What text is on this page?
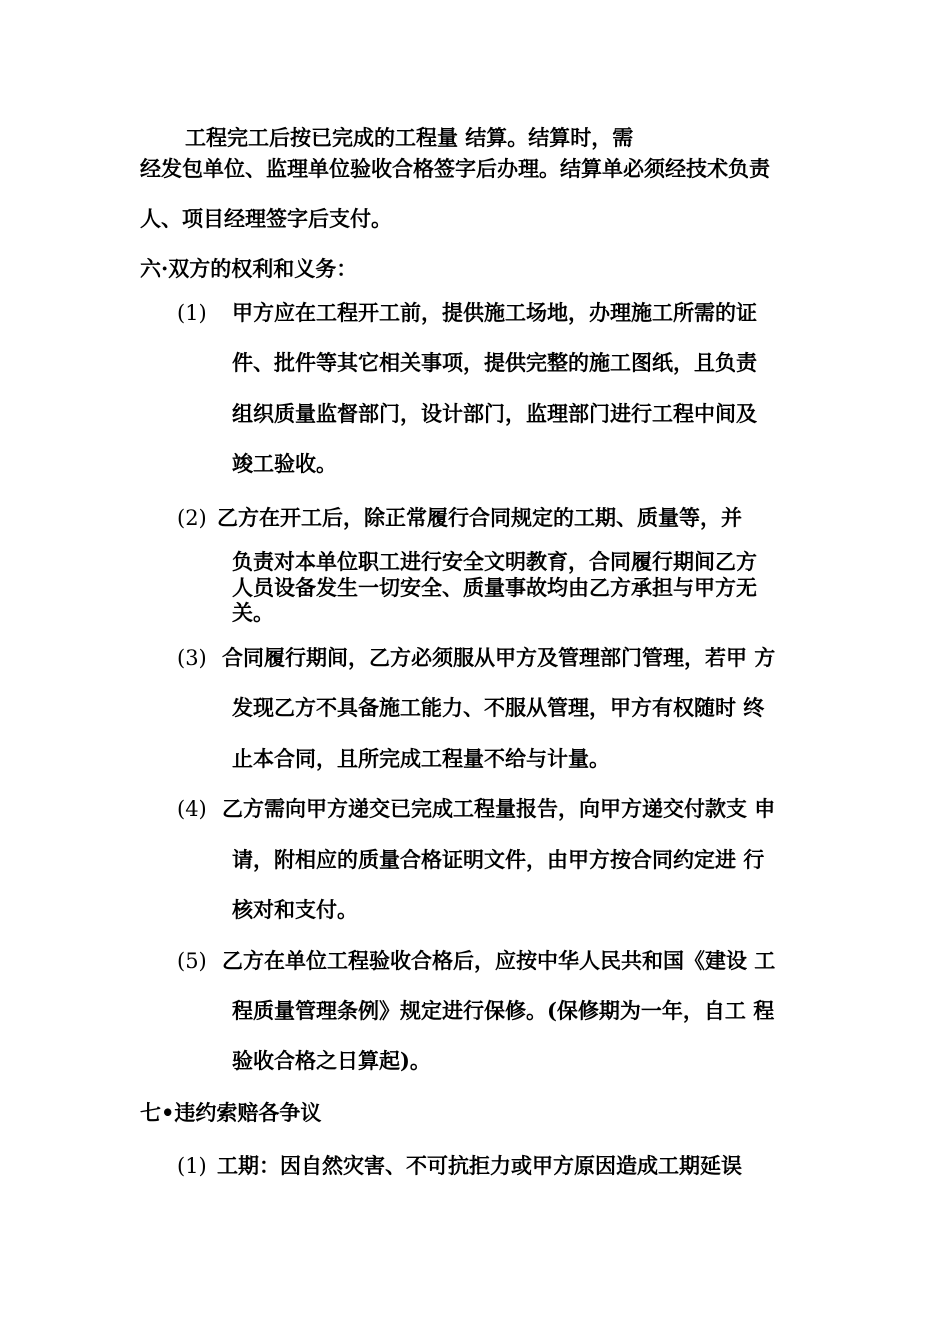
工程完工后按已完成的工程量 结算。结算时，需
经发包单位、监理单位验收合格签字后办理。结算单必须经技术负责
人、项目经理签字后支付。
六·双方的权利和义务：
(1) 甲方应在工程开工前，提供施工场地，办理施工所需的证
件、批件等其它相关事项，提供完整的施工图纸，且负责
组织质量监督部门，设计部门，监理部门进行工程中间及
竣工验收。
(2) 乙方在开工后，除正常履行合同规定的工期、质量等，并
负责对本单位职工进行安全文明教育，合同履行期间乙方
人员设备发生一切安全、质量事故均由乙方承担与甲方无
关。
(3) 合同履行期间，乙方必须服从甲方及管理部门管理，若甲 方
发现乙方不具备施工能力、不服从管理，甲方有权随时 终
止本合同，且所完成工程量不给与计量。
(4) 乙方需向甲方递交已完成工程量报告，向甲方递交付款支 申
请，附相应的质量合格证明文件，由甲方按合同约定进 行
核对和支付。
(5) 乙方在单位工程验收合格后，应按中华人民共和国《建设 工
程质量管理条例》规定进行保修。(保修期为一年，自工 程
验收合格之日算起)。
七•违约索赔各争议
(1) 工期：因自然灾害、不可抗拒力或甲方原因造成工期延误
